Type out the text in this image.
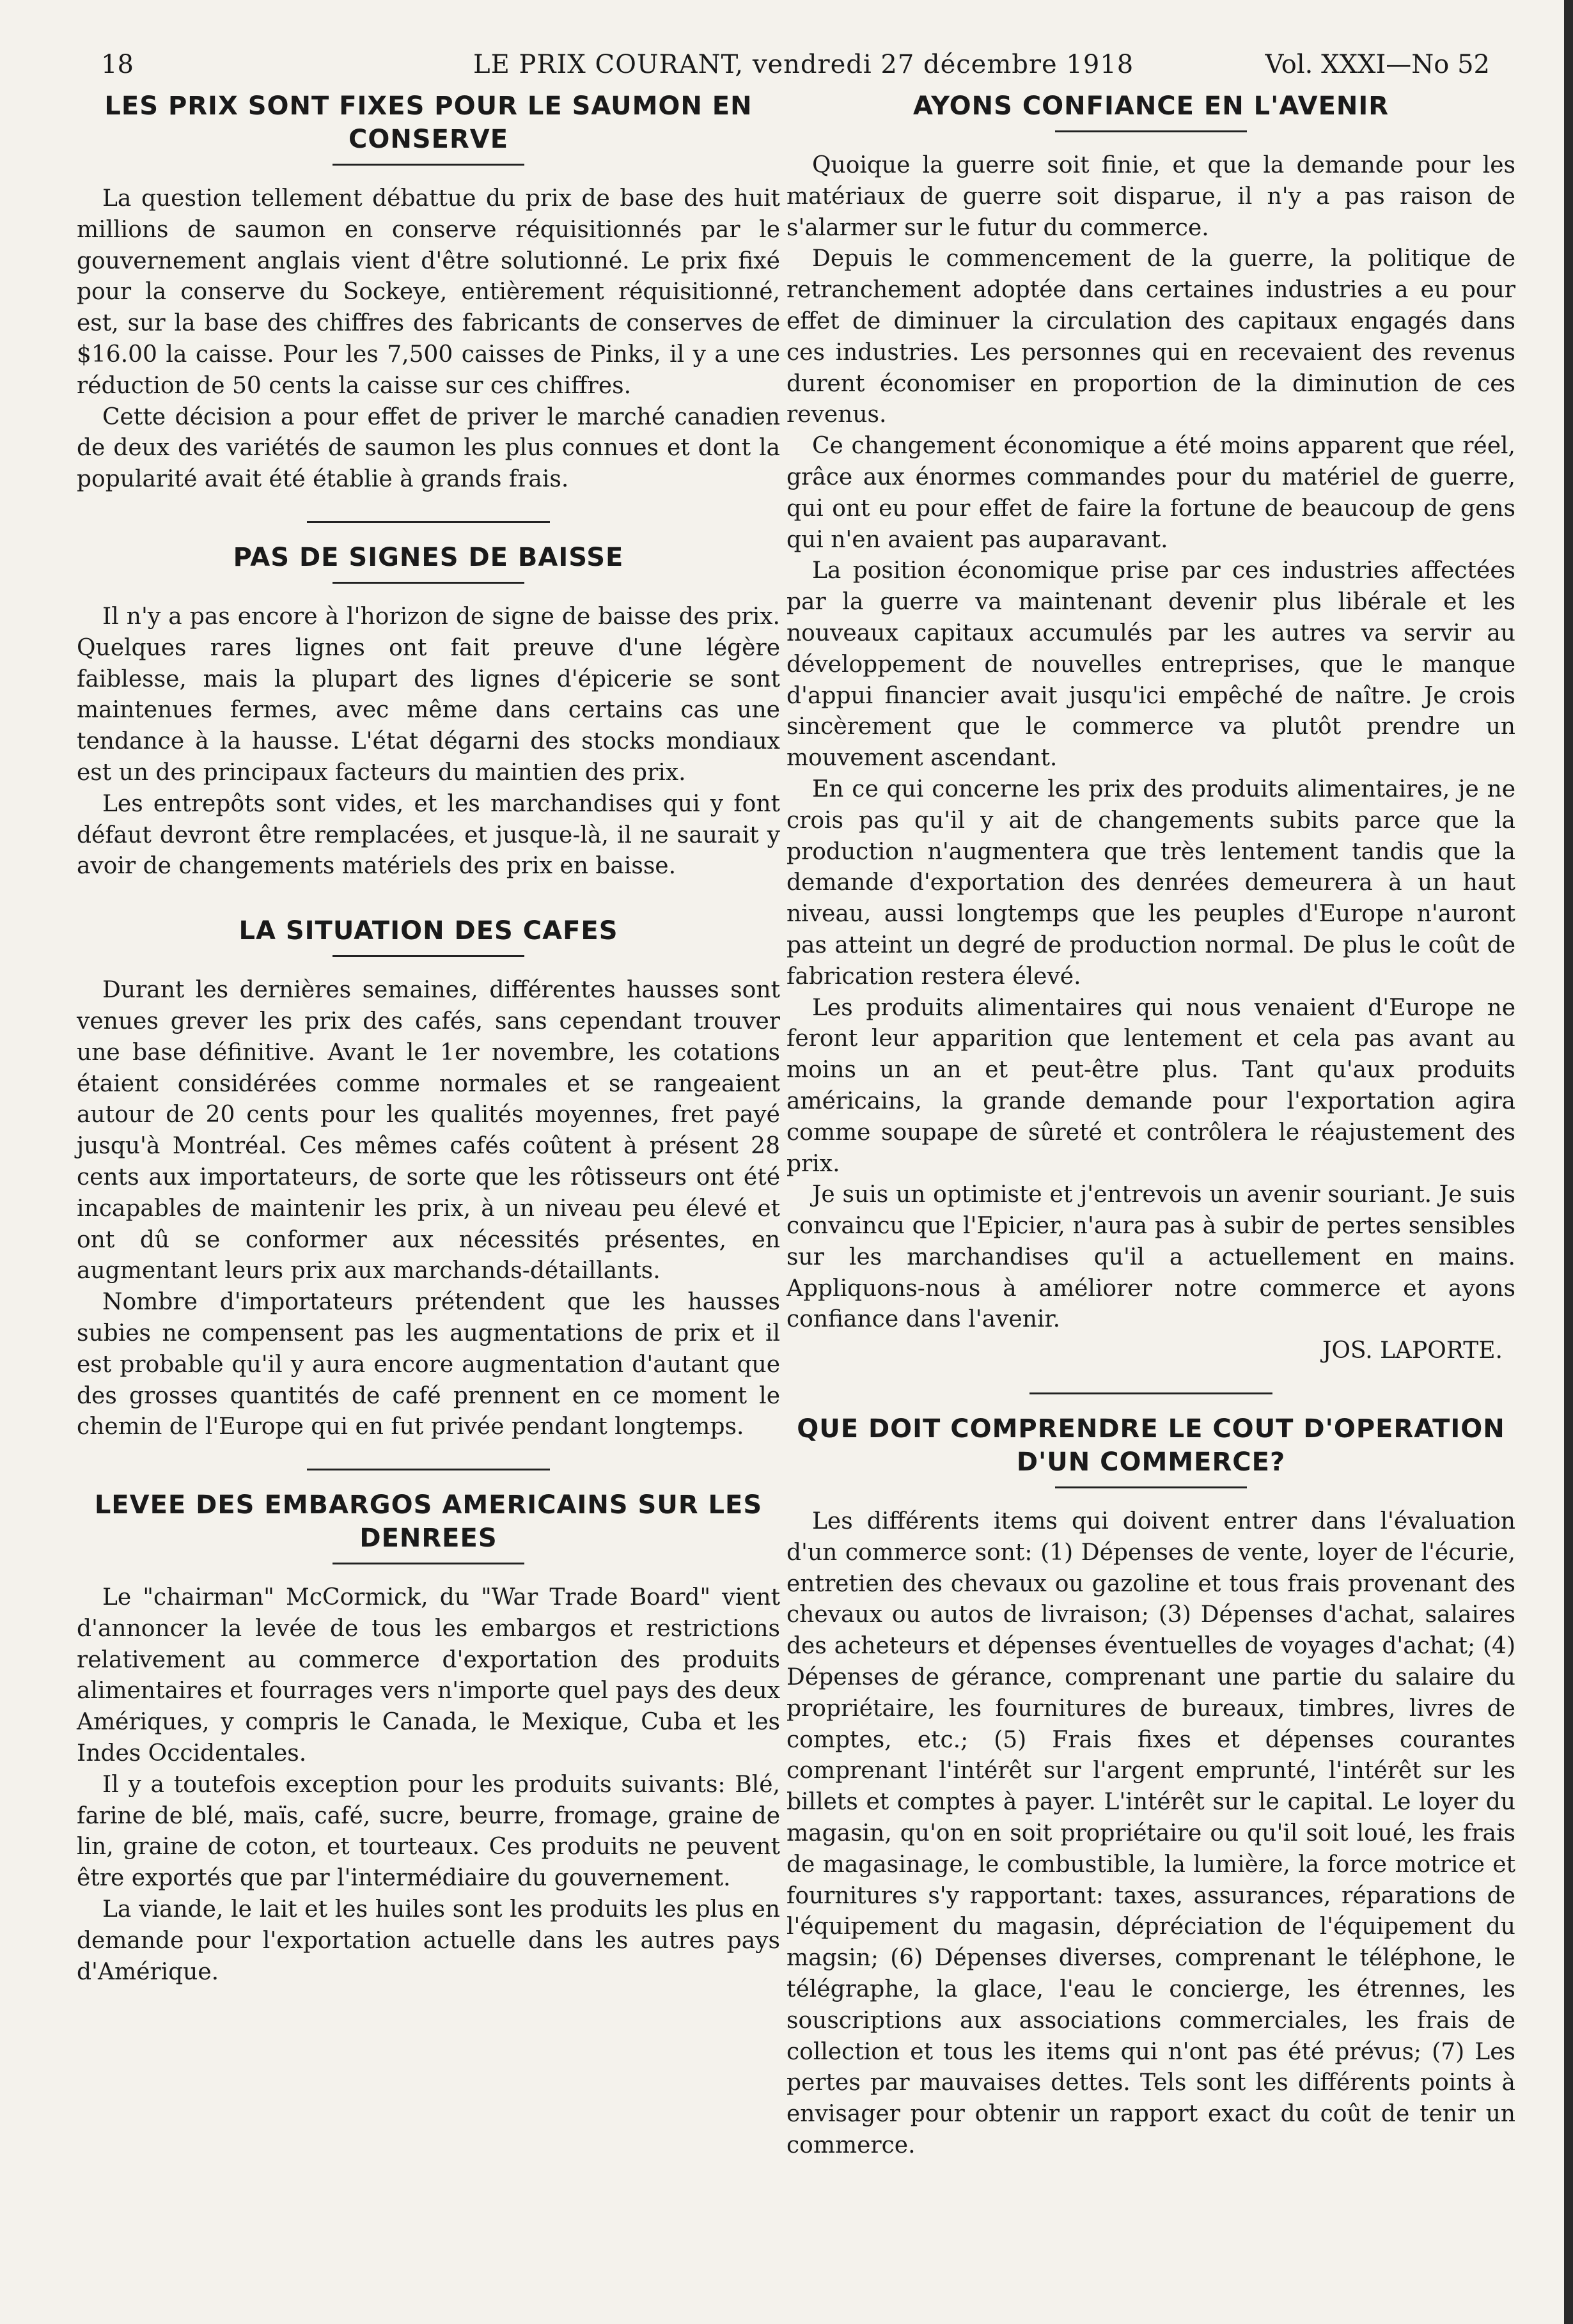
18	LE PRIX COURANT, vendredi 27 décembre 1918	Vol. XXXI—No 52
LES PRIX SONT FIXES POUR LE SAUMON EN CONSERVE

La question tellement débattue du prix de base des huit millions de saumon en conserve réquisitionnés par le gouvernement anglais vient d'être solutionné. Le prix fixé pour la conserve du Sockeye, entièrement réquisitionné, est, sur la base des chiffres des fabricants de conserves de $16.00 la caisse. Pour les 7,500 caisses de Pinks, il y a une réduction de 50 cents la caisse sur ces chiffres.

Cette décision a pour effet de priver le marché canadien de deux des variétés de saumon les plus connues et dont la popularité avait été établie à grands frais.

PAS DE SIGNES DE BAISSE

Il n'y a pas encore à l'horizon de signe de baisse des prix. Quelques rares lignes ont fait preuve d'une légère faiblesse, mais la plupart des lignes d'épicerie se sont maintenues fermes, avec même dans certains cas une tendance à la hausse. L'état dégarni des stocks mondiaux est un des principaux facteurs du maintien des prix.

Les entrepôts sont vides, et les marchandises qui y font défaut devront être remplacées, et jusque-là, il ne saurait y avoir de changements matériels des prix en baisse.

LA SITUATION DES CAFES

Durant les dernières semaines, différentes hausses sont venues grever les prix des cafés, sans cependant trouver une base définitive. Avant le 1er novembre, les cotations étaient considérées comme normales et se rangeaient autour de 20 cents pour les qualités moyennes, fret payé jusqu'à Montréal. Ces mêmes cafés coûtent à présent 28 cents aux importateurs, de sorte que les rôtisseurs ont été incapables de maintenir les prix, à un niveau peu élevé et ont dû se conformer aux nécessités présentes, en augmentant leurs prix aux marchands-détaillants.

Nombre d'importateurs prétendent que les hausses subies ne compensent pas les augmentations de prix et il est probable qu'il y aura encore augmentation d'autant que des grosses quantités de café prennent en ce moment le chemin de l'Europe qui en fut privée pendant longtemps.

LEVEE DES EMBARGOS AMERICAINS SUR LES DENREES

Le "chairman" McCormick, du "War Trade Board" vient d'annoncer la levée de tous les embargos et restrictions relativement au commerce d'exportation des produits alimentaires et fourrages vers n'importe quel pays des deux Amériques, y compris le Canada, le Mexique, Cuba et les Indes Occidentales.

Il y a toutefois exception pour les produits suivants: Blé, farine de blé, maïs, café, sucre, beurre, fromage, graine de lin, graine de coton, et tourteaux. Ces produits ne peuvent être exportés que par l'intermédiaire du gouvernement.

La viande, le lait et les huiles sont les produits les plus en demande pour l'exportation actuelle dans les autres pays d'Amérique.

AYONS CONFIANCE EN L'AVENIR

Quoique la guerre soit finie, et que la demande pour les matériaux de guerre soit disparue, il n'y a pas raison de s'alarmer sur le futur du commerce.

Depuis le commencement de la guerre, la politique de retranchement adoptée dans certaines industries a eu pour effet de diminuer la circulation des capitaux engagés dans ces industries. Les personnes qui en recevaient des revenus durent économiser en proportion de la diminution de ces revenus.

Ce changement économique a été moins apparent que réel, grâce aux énormes commandes pour du matériel de guerre, qui ont eu pour effet de faire la fortune de beaucoup de gens qui n'en avaient pas auparavant.

La position économique prise par ces industries affectées par la guerre va maintenant devenir plus libérale et les nouveaux capitaux accumulés par les autres va servir au développement de nouvelles entreprises, que le manque d'appui financier avait jusqu'ici empêché de naître. Je crois sincèrement que le commerce va plutôt prendre un mouvement ascendant.

En ce qui concerne les prix des produits alimentaires, je ne crois pas qu'il y ait de changements subits parce que la production n'augmentera que très lentement tandis que la demande d'exportation des denrées demeurera à un haut niveau, aussi longtemps que les peuples d'Europe n'auront pas atteint un degré de production normal. De plus le coût de fabrication restera élevé.

Les produits alimentaires qui nous venaient d'Europe ne feront leur apparition que lentement et cela pas avant au moins un an et peut-être plus. Tant qu'aux produits américains, la grande demande pour l'exportation agira comme soupape de sûreté et contrôlera le réajustement des prix.

Je suis un optimiste et j'entrevois un avenir souriant. Je suis convaincu que l'Epicier, n'aura pas à subir de pertes sensibles sur les marchandises qu'il a actuellement en mains. Appliquons-nous à améliorer notre commerce et ayons confiance dans l'avenir.

JOS. LAPORTE.

QUE DOIT COMPRENDRE LE COUT D'OPERATION D'UN COMMERCE?

Les différents items qui doivent entrer dans l'évaluation d'un commerce sont: (1) Dépenses de vente, loyer de l'écurie, entretien des chevaux ou gazoline et tous frais provenant des chevaux ou autos de livraison; (3) Dépenses d'achat, salaires des acheteurs et dépenses éventuelles de voyages d'achat; (4) Dépenses de gérance, comprenant une partie du salaire du propriétaire, les fournitures de bureaux, timbres, livres de comptes, etc.; (5) Frais fixes et dépenses courantes comprenant l'intérêt sur l'argent emprunté, l'intérêt sur les billets et comptes à payer. L'intérêt sur le capital. Le loyer du magasin, qu'on en soit propriétaire ou qu'il soit loué, les frais de magasinage, le combustible, la lumière, la force motrice et fournitures s'y rapportant: taxes, assurances, réparations de l'équipement du magasin, dépréciation de l'équipement du magsin; (6) Dépenses diverses, comprenant le téléphone, le télégraphe, la glace, l'eau le concierge, les étrennes, les souscriptions aux associations commerciales, les frais de collection et tous les items qui n'ont pas été prévus; (7) Les pertes par mauvaises dettes. Tels sont les différents points à envisager pour obtenir un rapport exact du coût de tenir un commerce.
